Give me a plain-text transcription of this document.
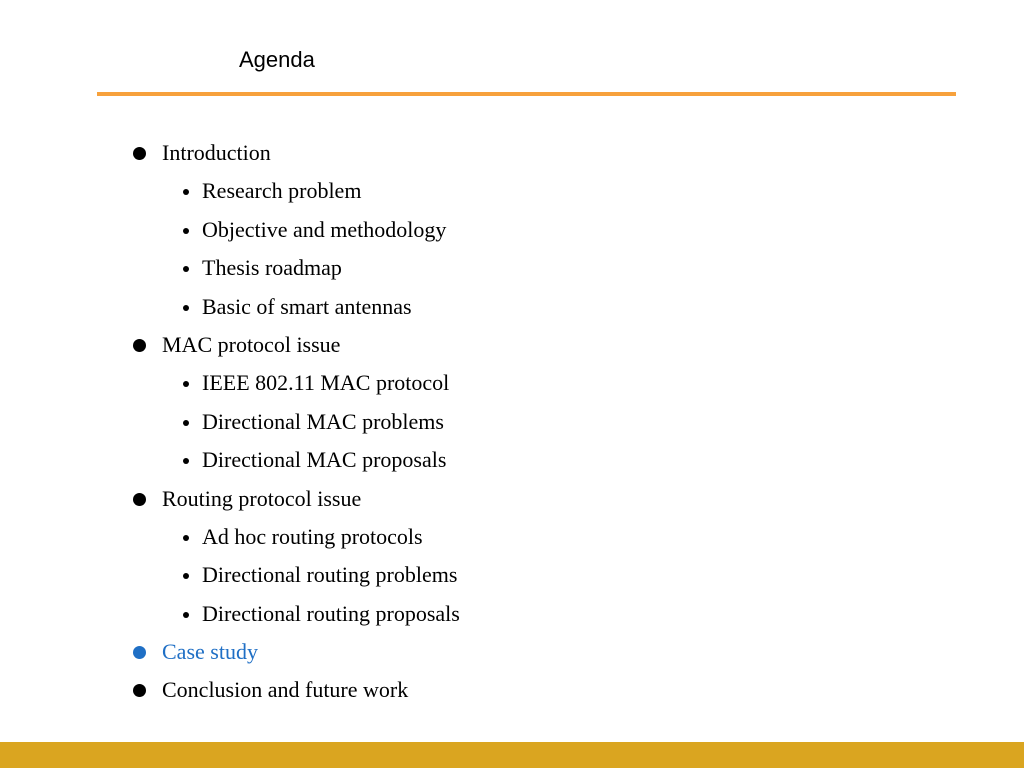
Agenda
Introduction
Research problem
Objective and methodology
Thesis roadmap
Basic of smart antennas
MAC protocol issue
IEEE 802.11 MAC protocol
Directional MAC problems
Directional MAC proposals
Routing protocol issue
Ad hoc routing protocols
Directional routing problems
Directional routing proposals
Case study
Conclusion and future work
